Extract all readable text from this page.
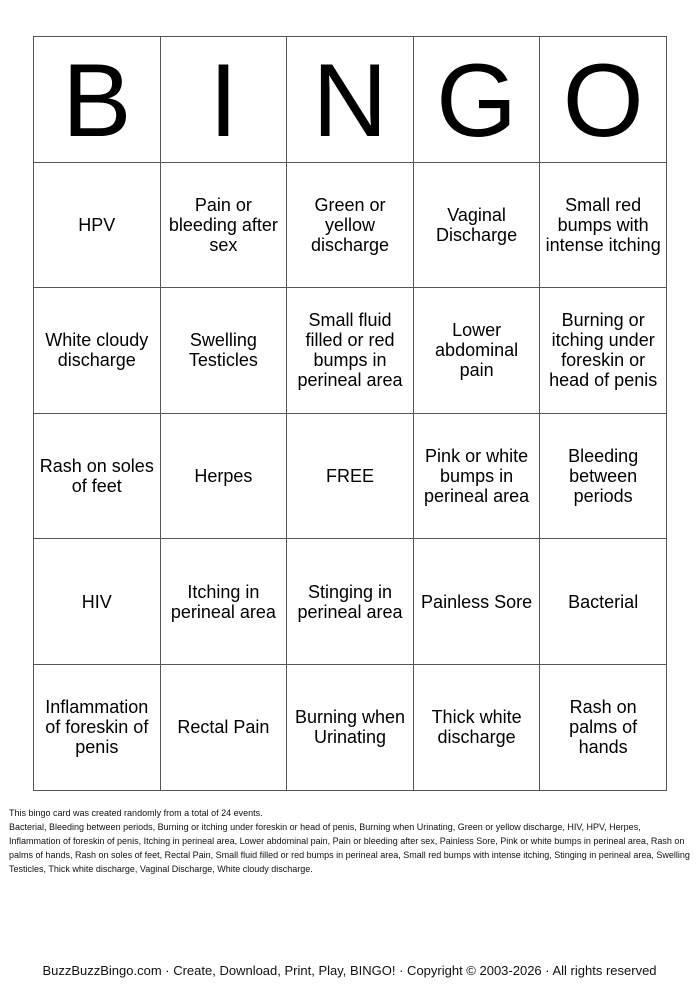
B	I	N	G	O
HPV	Pain or bleeding after sex	Green or yellow discharge	Vaginal Discharge	Small red bumps with intense itching
White cloudy discharge	Swelling Testicles	Small fluid filled or red bumps in perineal area	Lower abdominal pain	Burning or itching under foreskin or head of penis
Rash on soles of feet	Herpes	FREE	Pink or white bumps in perineal area	Bleeding between periods
HIV	Itching in perineal area	Stinging in perineal area	Painless Sore	Bacterial
Inflammation of foreskin of penis	Rectal Pain	Burning when Urinating	Thick white discharge	Rash on palms of hands

This bingo card was created randomly from a total of 24 events.

Bacterial, Bleeding between periods, Burning or itching under foreskin or head of penis, Burning when Urinating, Green or yellow discharge, HIV, HPV, Herpes, Inflammation of foreskin of penis, Itching in perineal area, Lower abdominal pain, Pain or bleeding after sex, Painless Sore, Pink or white bumps in perineal area, Rash on palms of hands, Rash on soles of feet, Rectal Pain, Small fluid filled or red bumps in perineal area, Small red bumps with intense itching, Stinging in perineal area, Swelling Testicles, Thick white discharge, Vaginal Discharge, White cloudy discharge.

BuzzBuzzBingo.com · Create, Download, Print, Play, BINGO! · Copyright © 2003-2026 · All rights reserved
